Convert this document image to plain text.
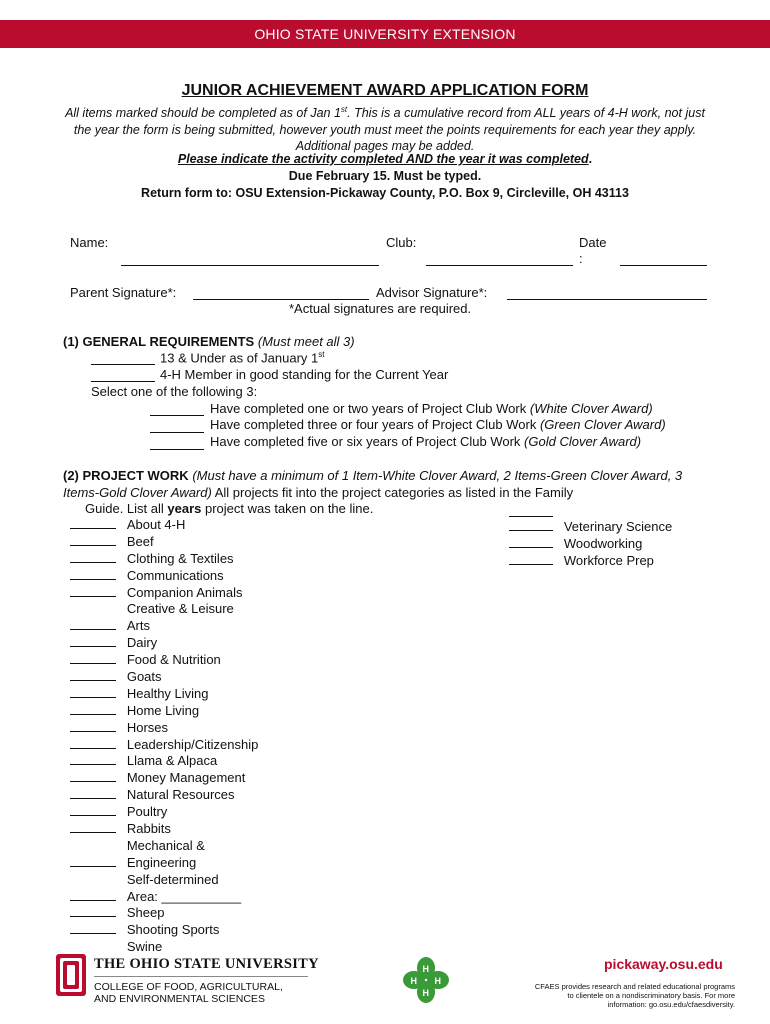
OHIO STATE UNIVERSITY EXTENSION
JUNIOR ACHIEVEMENT AWARD APPLICATION FORM
All items marked should be completed as of Jan 1st. This is a cumulative record from ALL years of 4-H work, not just the year the form is being submitted, however youth must meet the points requirements for each year they apply. Additional pages may be added.
Please indicate the activity completed AND the year it was completed.
Due February 15. Must be typed.
Return form to: OSU Extension-Pickaway County, P.O. Box 9, Circleville, OH 43113
Name:	Club:	Date
:
Parent Signature*:	Advisor Signature*:
*Actual signatures are required.
(1) GENERAL REQUIREMENTS (Must meet all 3)
13 & Under as of January 1st
4-H Member in good standing for the Current Year
Select one of the following 3:
Have completed one or two years of Project Club Work (White Clover Award)
Have completed three or four years of Project Club Work (Green Clover Award)
Have completed five or six years of Project Club Work (Gold Clover Award)
(2) PROJECT WORK (Must have a minimum of 1 Item-White Clover Award, 2 Items-Green Clover Award, 3 Items-Gold Clover Award) All projects fit into the project categories as listed in the Family
Guide. List all years project was taken on the line.
About 4-H
Beef
Clothing & Textiles
Communications
Companion Animals
Creative & Leisure
Arts
Dairy
Food & Nutrition
Goats
Healthy Living
Home Living
Horses
Leadership/Citizenship
Llama & Alpaca
Money Management
Natural Resources
Poultry
Rabbits
Mechanical &
Engineering
Self-determined
Area: ___________
Sheep
Shooting Sports
Swine
Veterinary Science
Woodworking
Workforce Prep
THE OHIO STATE UNIVERSITY
COLLEGE OF FOOD, AGRICULTURAL,
AND ENVIRONMENTAL SCIENCES
H
H
H H
pickaway.osu.edu
CFAES provides research and related educational programs to clientele on a nondiscriminatory basis. For more information: go.osu.edu/cfaesdiversity.
